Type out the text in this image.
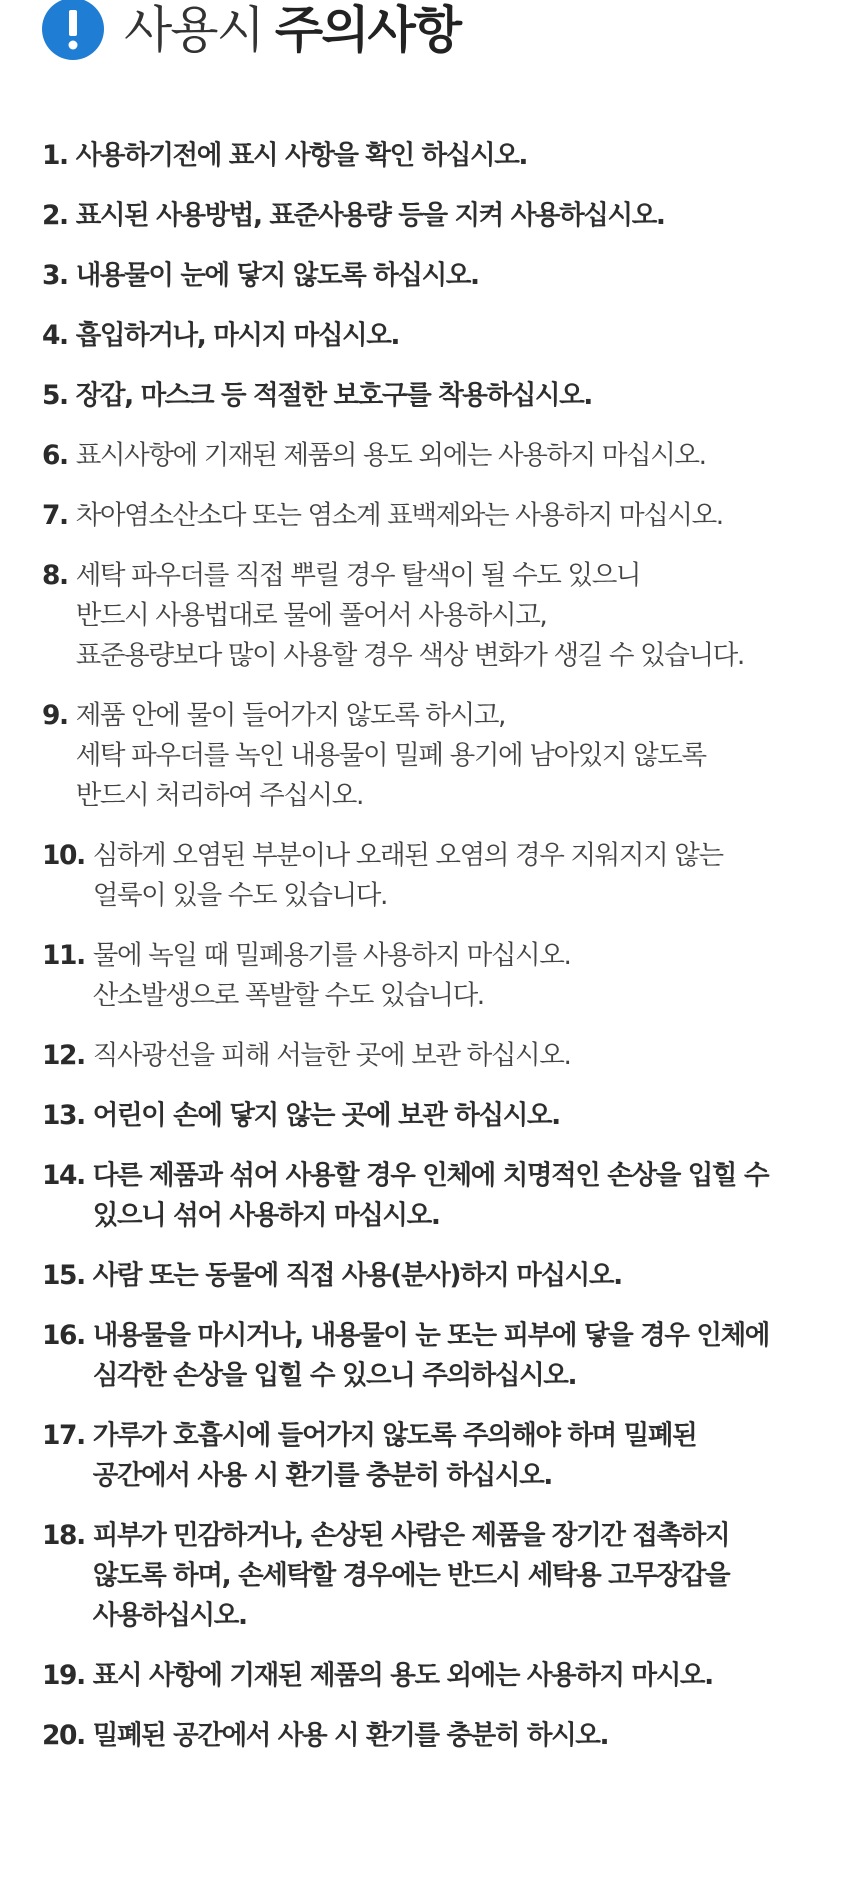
사용시 주의사항
1. 사용하기전에 표시 사항을 확인 하십시오.
2. 표시된 사용방법, 표준사용량 등을 지켜 사용하십시오.
3. 내용물이 눈에 닿지 않도록 하십시오.
4. 흡입하거나, 마시지 마십시오.
5. 장갑, 마스크 등 적절한 보호구를 착용하십시오.
6. 표시사항에 기재된 제품의 용도 외에는 사용하지 마십시오.
7. 차아염소산소다 또는 염소계 표백제와는 사용하지 마십시오.
8. 세탁 파우더를 직접 뿌릴 경우 탈색이 될 수도 있으니
반드시 사용법대로 물에 풀어서 사용하시고,
표준용량보다 많이 사용할 경우 색상 변화가 생길 수 있습니다.
9. 제품 안에 물이 들어가지 않도록 하시고,
세탁 파우더를 녹인 내용물이 밀폐 용기에 남아있지 않도록
반드시 처리하여 주십시오.
10. 심하게 오염된 부분이나 오래된 오염의 경우 지워지지 않는
얼룩이 있을 수도 있습니다.
11. 물에 녹일 때 밀폐용기를 사용하지 마십시오.
산소발생으로 폭발할 수도 있습니다.
12. 직사광선을 피해 서늘한 곳에 보관 하십시오.
13. 어린이 손에 닿지 않는 곳에 보관 하십시오.
14. 다른 제품과 섞어 사용할 경우 인체에 치명적인 손상을 입힐 수
있으니 섞어 사용하지 마십시오.
15. 사람 또는 동물에 직접 사용(분사)하지 마십시오.
16. 내용물을 마시거나, 내용물이 눈 또는 피부에 닿을 경우 인체에
심각한 손상을 입힐 수 있으니 주의하십시오.
17. 가루가 호흡시에 들어가지 않도록 주의해야 하며 밀폐된
공간에서 사용 시 환기를 충분히 하십시오.
18. 피부가 민감하거나, 손상된 사람은 제품을 장기간 접촉하지
않도록 하며, 손세탁할 경우에는 반드시 세탁용 고무장갑을
사용하십시오.
19. 표시 사항에 기재된 제품의 용도 외에는 사용하지 마시오.
20. 밀폐된 공간에서 사용 시 환기를 충분히 하시오.
